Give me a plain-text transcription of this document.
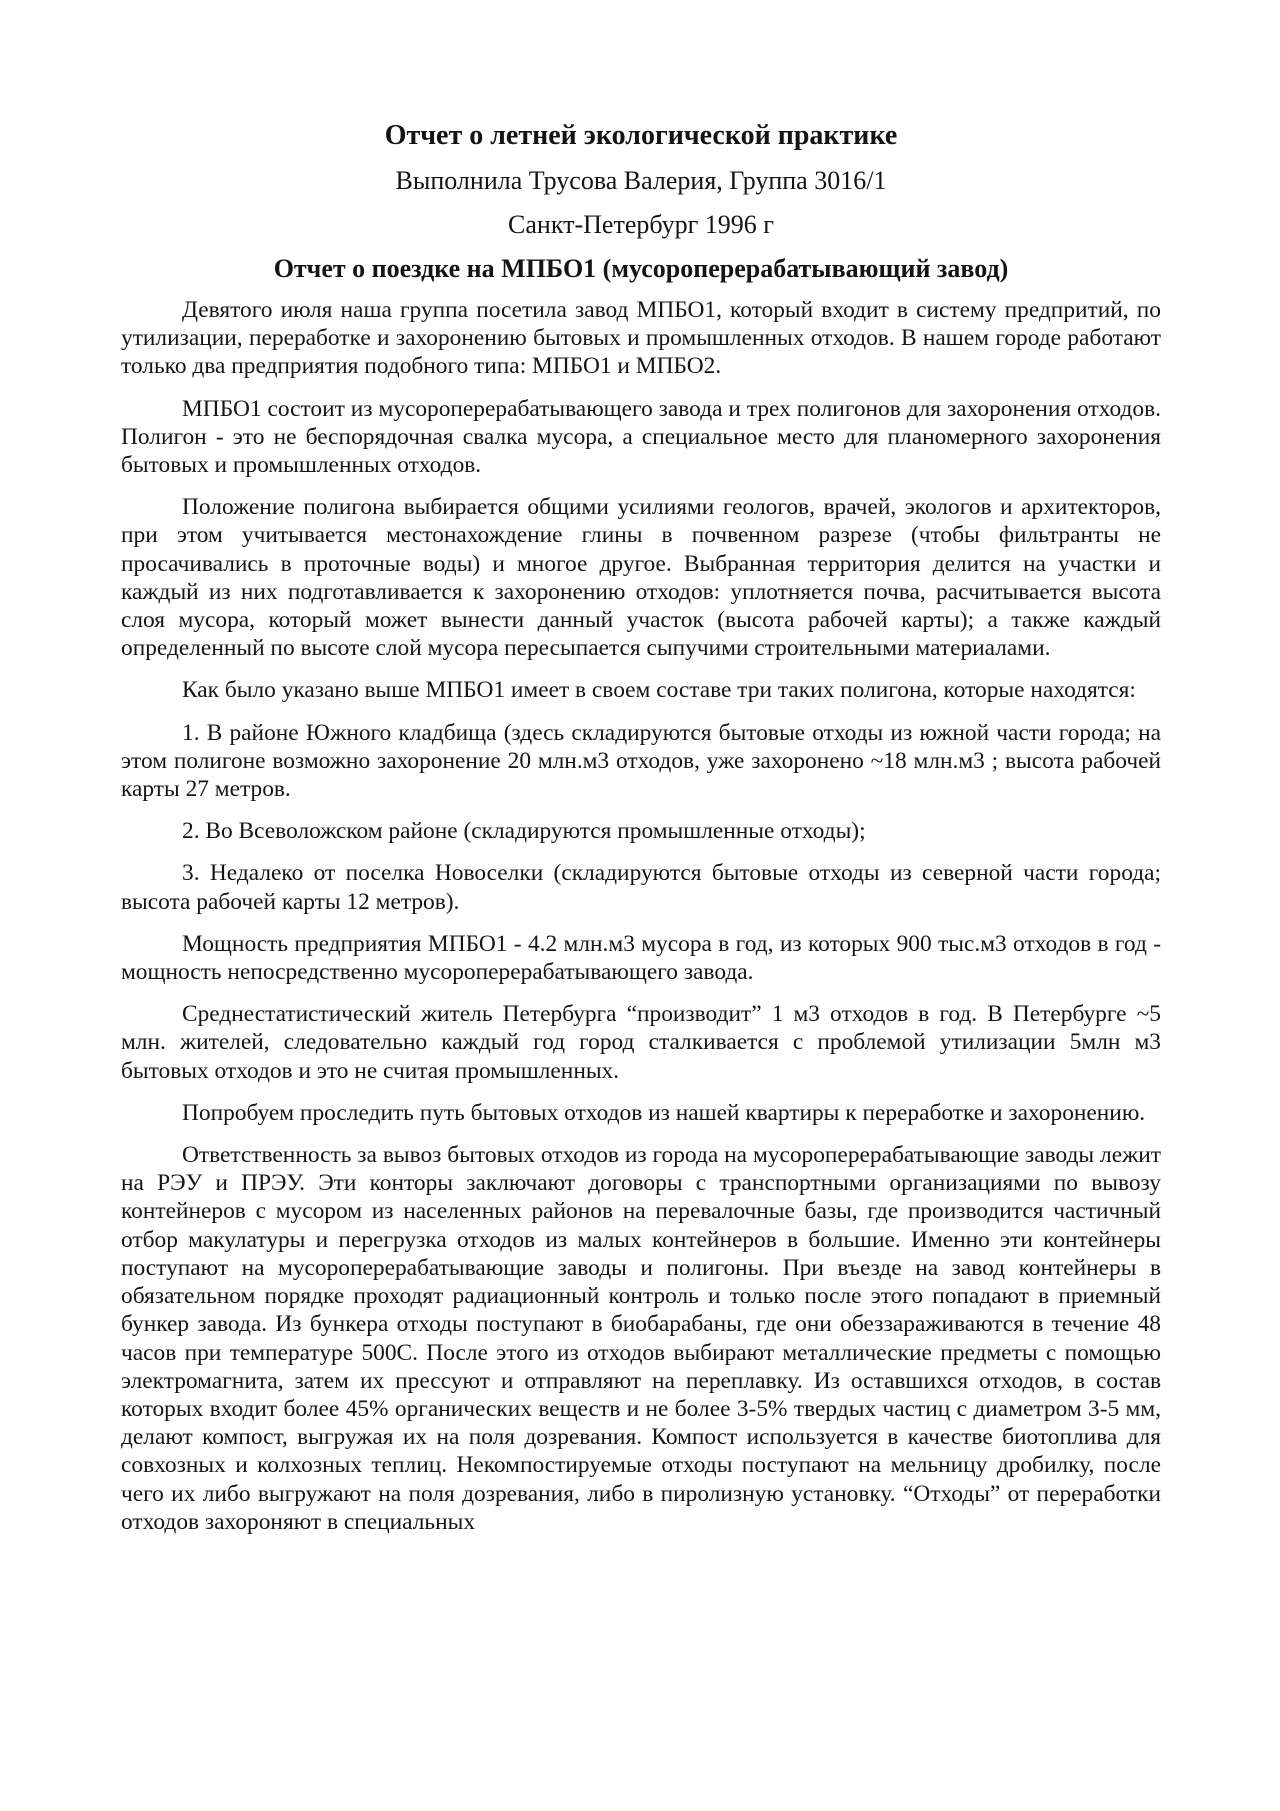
Отчет о летней экологической практике

Выполнила Трусова Валерия, Группа 3016/1

Санкт-Петербург 1996 г

Отчет о поездке на МПБО1 (мусороперерабатывающий завод)

Девятого июля наша группа посетила завод МПБО1, который входит в систему предпритий, по утилизации, переработке и захоронению бытовых и промышленных отходов. В нашем городе работают только два предприятия подобного типа: МПБО1 и МПБО2.

МПБО1 состоит из мусороперерабатывающего завода и трех полигонов для захоронения отходов. Полигон - это не беспорядочная свалка мусора, а специальное место для планомерного захоронения бытовых и промышленных отходов.

Положение полигона выбирается общими усилиями геологов, врачей, экологов и архитекторов, при этом учитывается местонахождение глины в почвенном разрезе (чтобы фильтранты не просачивались в проточные воды) и многое другое. Выбранная территория делится на участки и каждый из них подготавливается к захоронению отходов: уплотняется почва, расчитывается высота слоя мусора, который может вынести данный участок (высота рабочей карты); а также каждый определенный по высоте слой мусора пересыпается сыпучими строительными материалами.

Как было указано выше МПБО1 имеет в своем составе три таких полигона, которые находятся:

1. В районе Южного кладбища (здесь складируются бытовые отходы из южной части города; на этом полигоне возможно захоронение 20 млн.м3 отходов, уже захоронено ~18 млн.м3 ; высота рабочей карты 27 метров.

2. Во Всеволожском районе (складируются промышленные отходы);

3. Недалеко от поселка Новоселки (складируются бытовые отходы из северной части города; высота рабочей карты 12 метров).

Мощность предприятия МПБО1 - 4.2 млн.м3 мусора в год, из которых 900 тыс.м3 отходов в год - мощность непосредственно мусороперерабатывающего завода.

Среднестатистический житель Петербурга “производит” 1 м3 отходов в год. В Петербурге ~5 млн. жителей, следовательно каждый год город сталкивается с проблемой утилизации 5млн м3 бытовых отходов и это не считая промышленных.

Попробуем проследить путь бытовых отходов из нашей квартиры к переработке и захоронению.

Ответственность за вывоз бытовых отходов из города на мусороперерабатывающие заводы лежит на РЭУ и ПРЭУ. Эти конторы заключают договоры с транспортными организациями по вывозу контейнеров с мусором из населенных районов на перевалочные базы, где производится частичный отбор макулатуры и перегрузка отходов из малых контейнеров в большие. Именно эти контейнеры поступают на мусороперерабатывающие заводы и полигоны. При въезде на завод контейнеры в обязательном порядке проходят радиационный контроль и только после этого попадают в приемный бункер завода. Из бункера отходы поступают в биобарабаны, где они обеззараживаются в течение 48 часов при температуре 500С. После этого из отходов выбирают металлические предметы с помощью электромагнита, затем их прессуют и отправляют на переплавку. Из оставшихся отходов, в состав которых входит более 45% органических веществ и не более 3-5% твердых частиц с диаметром 3-5 мм, делают компост, выгружая их на поля дозревания. Компост используется в качестве биотоплива для совхозных и колхозных теплиц. Некомпостируемые отходы поступают на мельницу дробилку, после чего их либо выгружают на поля дозревания, либо в пиролизную установку. “Отходы” от переработки отходов захороняют в специальных
